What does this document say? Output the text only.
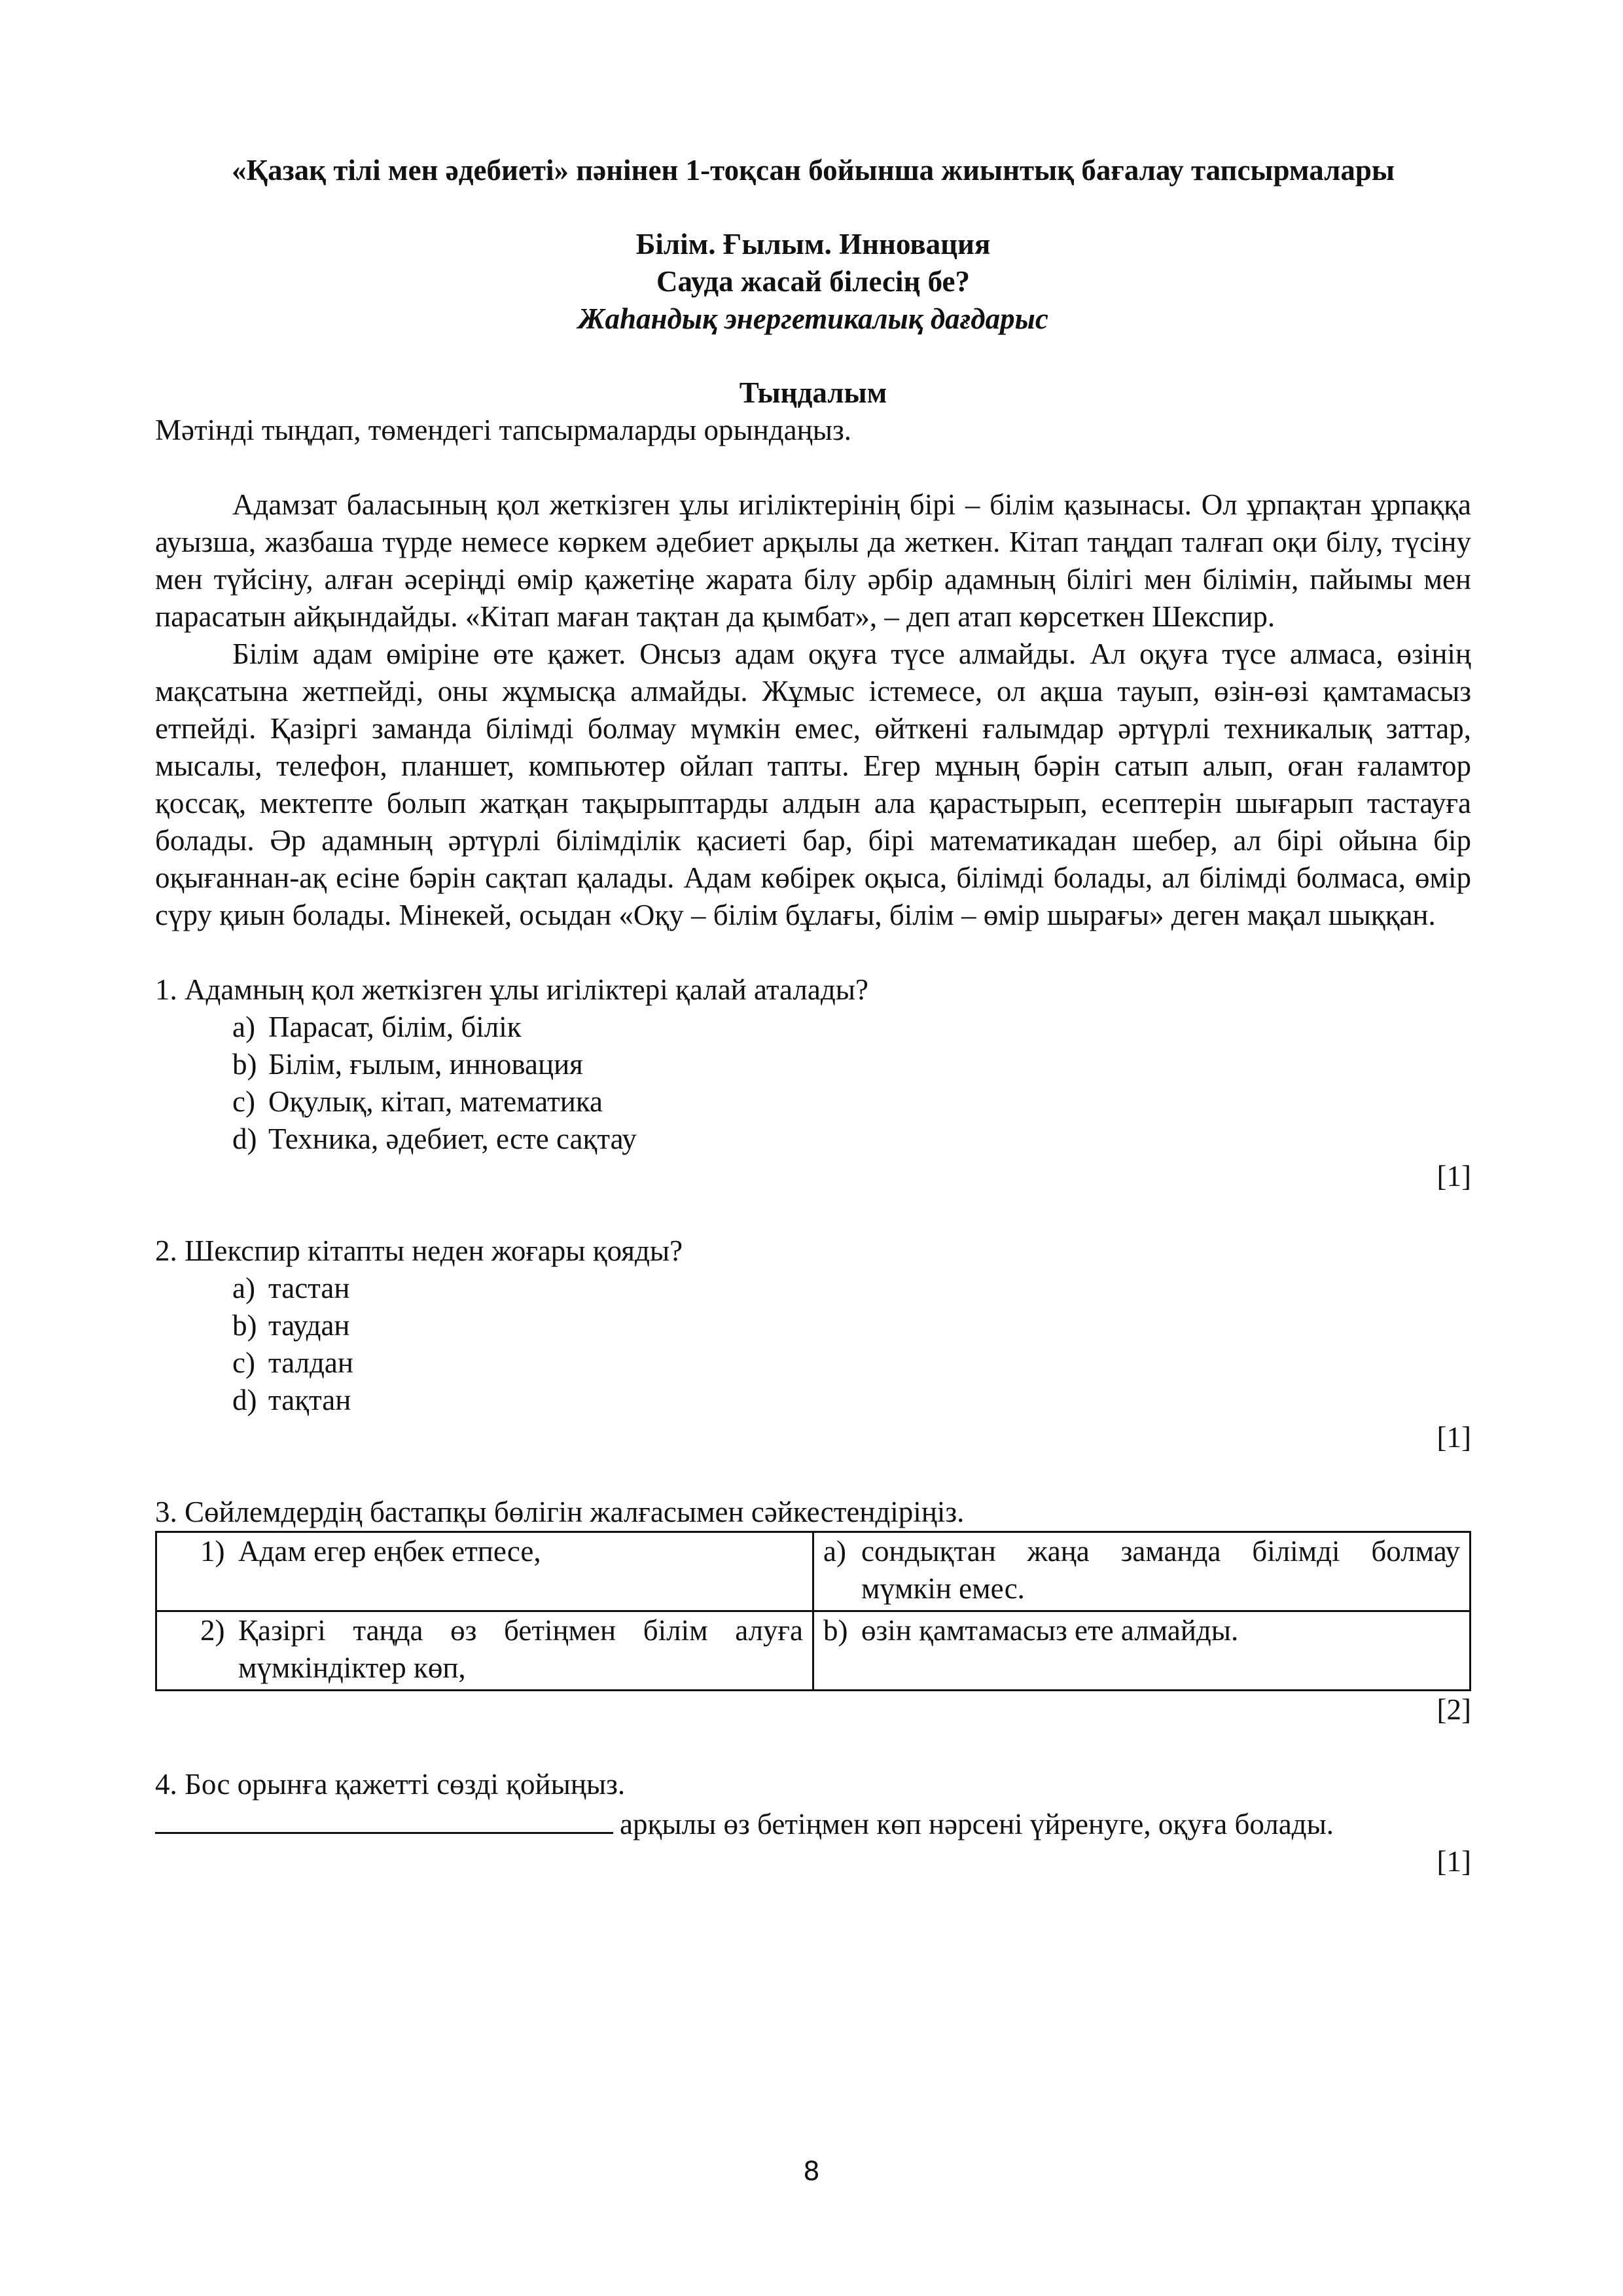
«Қазақ тілі мен әдебиеті» пәнінен 1-тоқсан бойынша жиынтық бағалау тапсырмалары

Білім. Ғылым. Инновация
Сауда жасай білесің бе?
Жаһандық энергетикалық дағдарыс
Тыңдалым
Мәтінді тыңдап, төмендегі тапсырмаларды орындаңыз.

Адамзат баласының қол жеткізген ұлы игіліктерінің бірі – білім қазынасы. Ол ұрпақтан ұрпаққа ауызша, жазбаша түрде немесе көркем әдебиет арқылы да жеткен. Кітап таңдап талғап оқи білу, түсіну мен түйсіну, алған әсеріңді өмір қажетіңе жарата білу әрбір адамның білігі мен білімін, пайымы мен парасатын айқындайды. «Кітап маған тақтан да қымбат», – деп атап көрсеткен Шекспир.

Білім адам өміріне өте қажет. Онсыз адам оқуға түсе алмайды. Ал оқуға түсе алмаса, өзінің мақсатына жетпейді, оны жұмысқа алмайды. Жұмыс істемесе, ол ақша тауып, өзін-өзі қамтамасыз етпейді. Қазіргі заманда білімді болмау мүмкін емес, өйткені ғалымдар әртүрлі техникалық заттар, мысалы, телефон, планшет, компьютер ойлап тапты. Егер мұның бәрін сатып алып, оған ғаламтор қоссақ, мектепте болып жатқан тақырыптарды алдын ала қарастырып, есептерін шығарып тастауға болады. Әр адамның әртүрлі білімділік қасиеті бар, бірі математикадан шебер, ал бірі ойына бір оқығаннан-ақ есіне бәрін сақтап қалады. Адам көбірек оқыса, білімді болады, ал білімді болмаса, өмір сүру қиын болады. Мінекей, осыдан «Оқу – білім бұлағы, білім – өмір шырағы» деген мақал шыққан.

1. Адамның қол жеткізген ұлы игіліктері қалай аталады?
a) Парасат, білім, білік
b) Білім, ғылым, инновация
c) Оқулық, кітап, математика
d) Техника, әдебиет, есте сақтау
[1]
2. Шекспир кітапты неден жоғары қояды?
a) тастан
b) таудан
c) талдан
d) тақтан
[1]
3. Сөйлемдердің бастапқы бөлігін жалғасымен сәйкестендіріңіз.
1) Адам егер еңбек етпесе,	a) сондықтан жаңа заманда білімді болмау мүмкін емес.

2) Қазіргі таңда өз бетіңмен білім алуға мүмкіндіктер көп,	b) өзін қамтамасыз ете алмайды.
[2]
4. Бос орынға қажетті сөзді қойыңыз.
арқылы өз бетіңмен көп нәрсені үйренуге, оқуға болады.
[1]
8
